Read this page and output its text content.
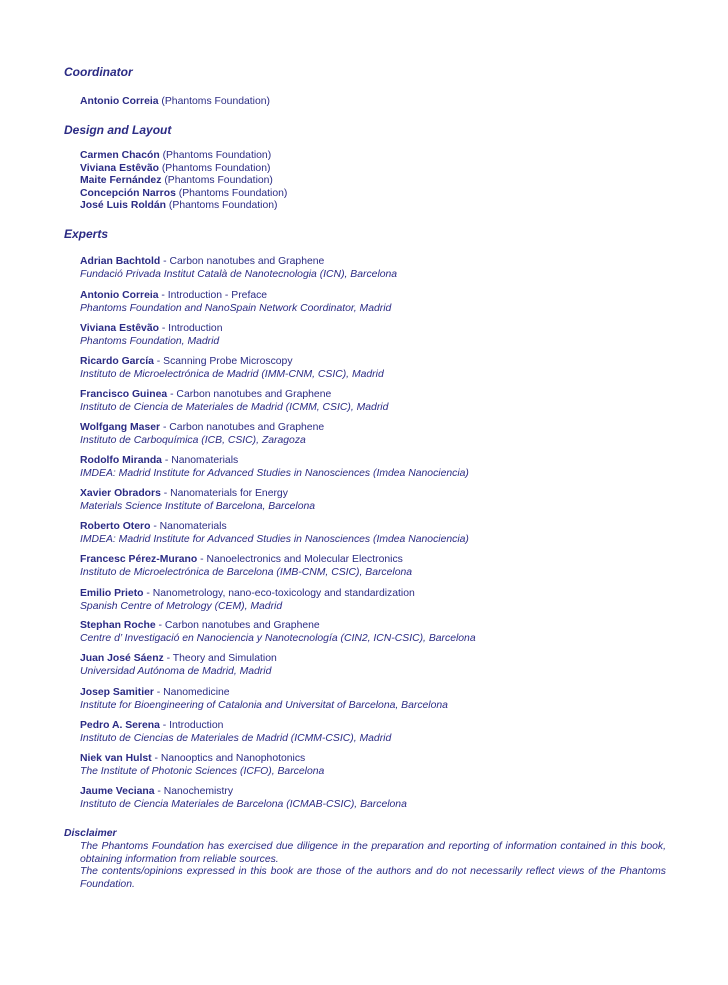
Coordinator
Antonio Correia (Phantoms Foundation)
Design and Layout
Carmen Chacón (Phantoms Foundation)
Viviana Estêvão (Phantoms Foundation)
Maite Fernández (Phantoms Foundation)
Concepción Narros (Phantoms Foundation)
José Luis Roldán (Phantoms Foundation)
Experts
Adrian Bachtold - Carbon nanotubes and Graphene
Fundació Privada Institut Català de Nanotecnologia (ICN), Barcelona
Antonio Correia - Introduction - Preface
Phantoms Foundation and NanoSpain Network Coordinator, Madrid
Viviana Estêvão - Introduction
Phantoms Foundation, Madrid
Ricardo García - Scanning Probe Microscopy
Instituto de Microelectrónica de Madrid (IMM-CNM, CSIC), Madrid
Francisco Guinea - Carbon nanotubes and Graphene
Instituto de Ciencia de Materiales de Madrid (ICMM, CSIC), Madrid
Wolfgang Maser - Carbon nanotubes and Graphene
Instituto de Carboquímica (ICB, CSIC), Zaragoza
Rodolfo Miranda - Nanomaterials
IMDEA: Madrid Institute for Advanced Studies in Nanosciences (Imdea Nanociencia)
Xavier Obradors - Nanomaterials for Energy
Materials Science Institute of Barcelona, Barcelona
Roberto Otero - Nanomaterials
IMDEA: Madrid Institute for Advanced Studies in Nanosciences (Imdea Nanociencia)
Francesc Pérez-Murano - Nanoelectronics and Molecular Electronics
Instituto de Microelectrónica de Barcelona (IMB-CNM, CSIC), Barcelona
Emilio Prieto - Nanometrology, nano-eco-toxicology and standardization
Spanish Centre of Metrology (CEM), Madrid
Stephan Roche - Carbon nanotubes and Graphene
Centre d’ Investigació en Nanociencia y Nanotecnología (CIN2, ICN-CSIC), Barcelona
Juan José Sáenz - Theory and Simulation
Universidad Autónoma de Madrid, Madrid
Josep Samitier - Nanomedicine
Institute for Bioengineering of Catalonia and Universitat of Barcelona, Barcelona
Pedro A. Serena - Introduction
Instituto de Ciencias de Materiales de Madrid (ICMM-CSIC), Madrid
Niek van Hulst - Nanooptics and Nanophotonics
The Institute of Photonic Sciences (ICFO), Barcelona
Jaume Veciana - Nanochemistry
Instituto de Ciencia Materiales de Barcelona (ICMAB-CSIC), Barcelona
Disclaimer

The Phantoms Foundation has exercised due diligence in the preparation and reporting of information contained in this book, obtaining information from reliable sources.

The contents/opinions expressed in this book are those of the authors and do not necessarily reflect views of the Phantoms Foundation.
